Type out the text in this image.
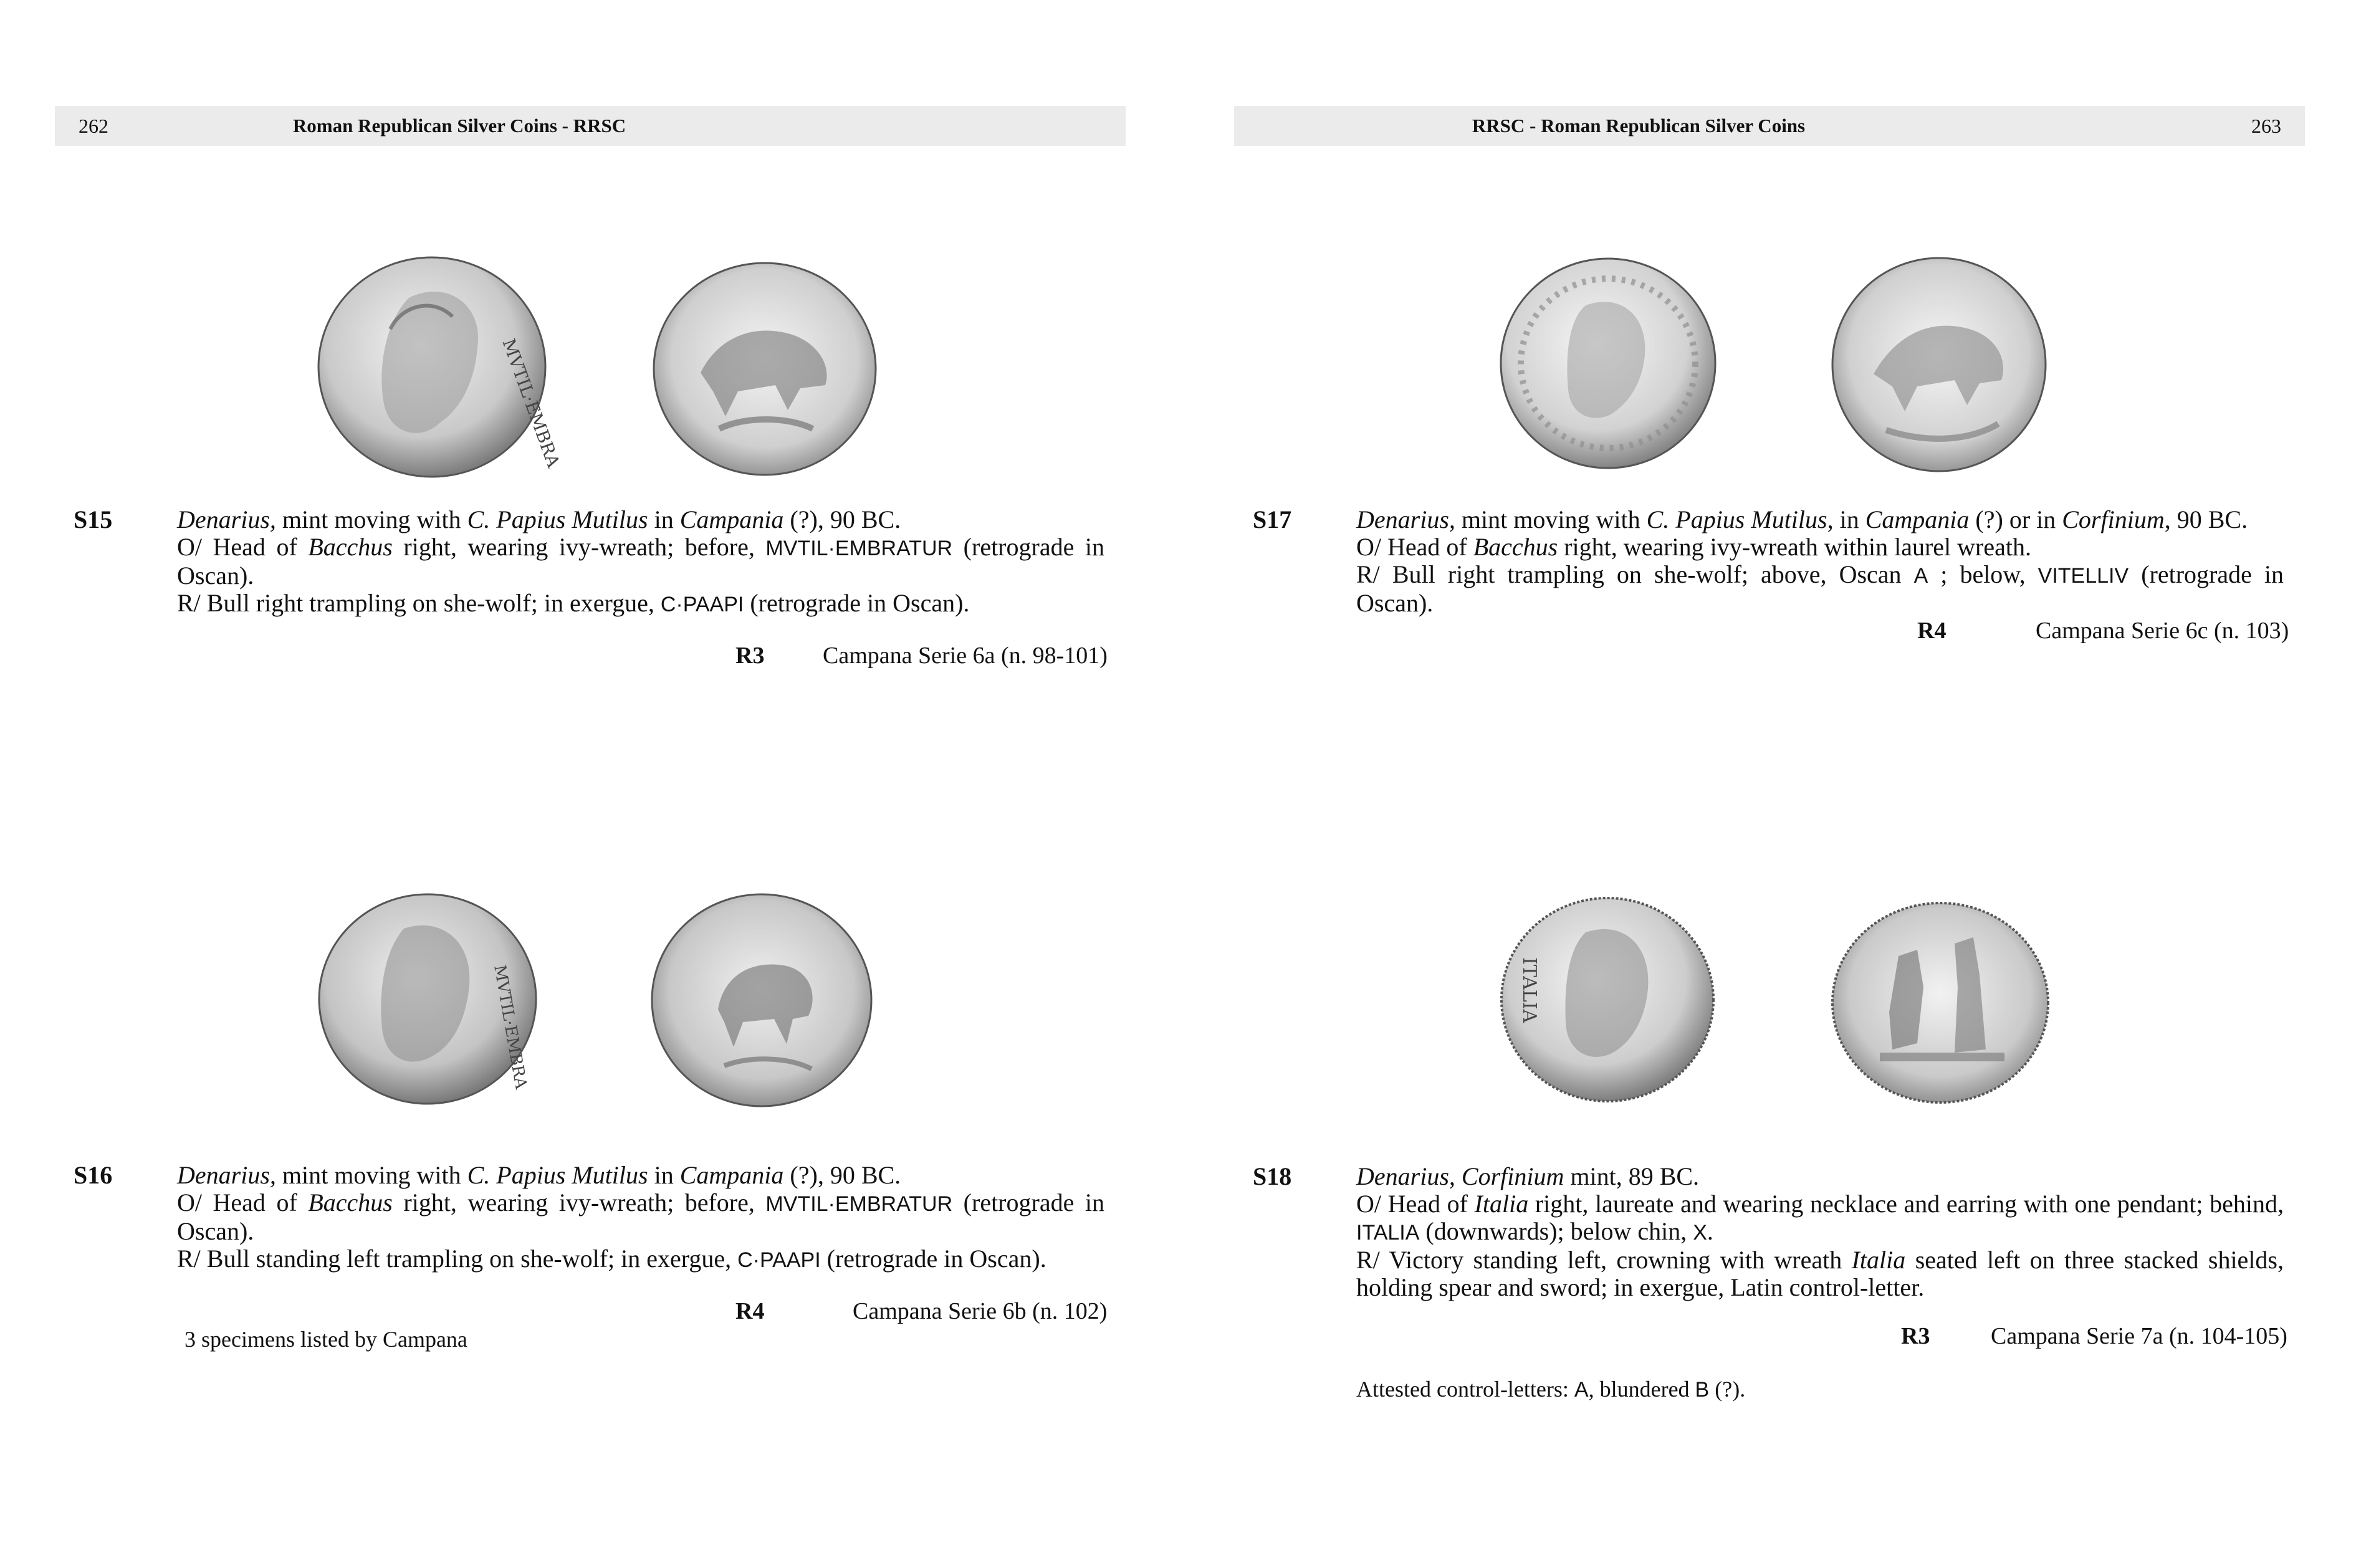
262	Roman Republican Silver Coins - RRSC
MVTIL·EMBRA
S15	Denarius, mint moving with C. Papius Mutilus in Campania (?), 90 BC.
O/ Head of Bacchus right, wearing ivy-wreath; before, MVTIL·EMBRATUR (retrograde in Oscan).
R/ Bull right trampling on she-wolf; in exergue, C·PAAPI (retrograde in Oscan).
R3 Campana Serie 6a (n. 98-101)
MVTIL·EMBRA
S16	Denarius, mint moving with C. Papius Mutilus in Campania (?), 90 BC.
O/ Head of Bacchus right, wearing ivy-wreath; before, MVTIL·EMBRATUR (retrograde in Oscan).
R/ Bull standing left trampling on she-wolf; in exergue, C·PAAPI (retrograde in Oscan).
R4	Campana Serie 6b (n. 102)
3 specimens listed by Campana
RRSC - Roman Republican Silver Coins	263
S17	Denarius, mint moving with C. Papius Mutilus, in Campania (?) or in Corfinium, 90 BC.
O/ Head of Bacchus right, wearing ivy-wreath within laurel wreath.
R/ Bull right trampling on she-wolf; above, Oscan A ; below, VITELLIV (retrograde in Oscan).
R4	Campana Serie 6c (n. 103)
ITALIA
S18	Denarius, Corfinium mint, 89 BC.
O/ Head of Italia right, laureate and wearing necklace and earring with one pendant; behind, ITALIA (downwards); below chin, X.
R/ Victory standing left, crowning with wreath Italia seated left on three stacked shields, holding spear and sword; in exergue, Latin control-letter.
R3	Campana Serie 7a (n. 104-105)
Attested control-letters: A, blundered B (?).
